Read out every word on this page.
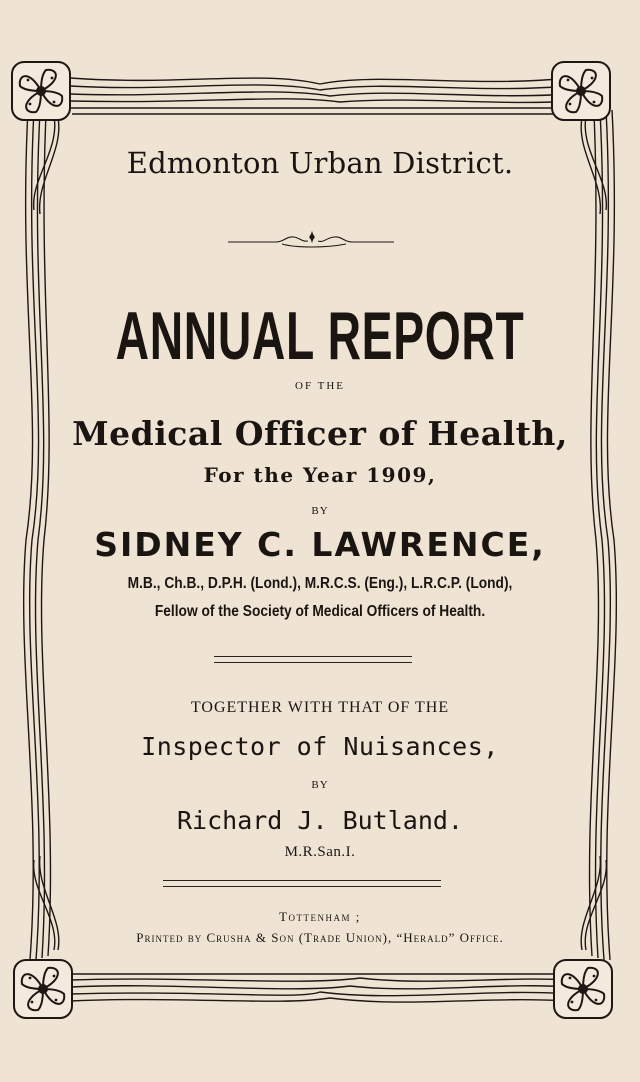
Edmonton Urban District.
ANNUAL REPORT
OF THE
Medical Officer of Health,
For the Year 1909,
BY
SIDNEY C. LAWRENCE,
M.B., Ch.B., D.P.H. (Lond.), M.R.C.S. (Eng.), L.R.C.P. (Lond),
Fellow of the Society of Medical Officers of Health.
TOGETHER WITH THAT OF THE
Inspector of Nuisances,
BY
Richard J. Butland.
M.R.San.I.
Tottenham ;
Printed by Crusha & Son (Trade Union), “Herald” Office.
